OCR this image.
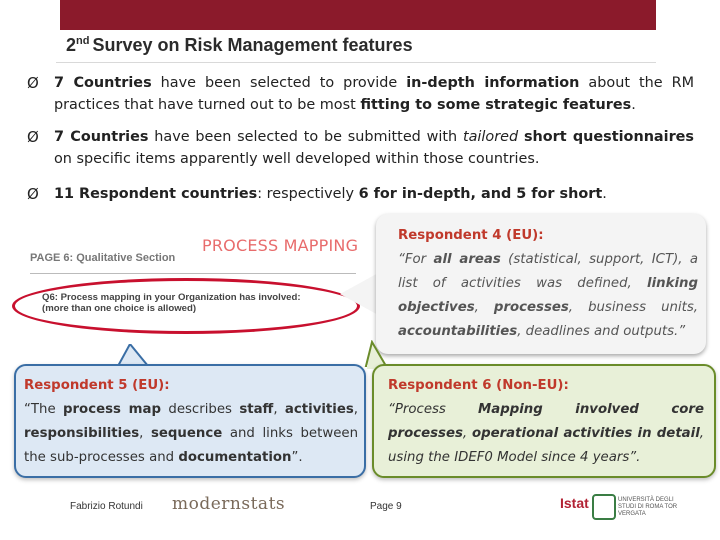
2nd Survey on Risk Management features
Ø 7 Countries have been selected to provide in-depth information about the RM practices that have turned out to be most fitting to some strategic features.
Ø 7 Countries have been selected to be submitted with tailored short questionnaires on specific items apparently well developed within those countries.
Ø 11 Respondent countries: respectively 6 for in-depth, and 5 for short.
PAGE 6: Qualitative Section
PROCESS MAPPING
Q6: Process mapping in your Organization has involved:
(more than one choice is allowed)
Respondent 4 (EU):
“For all areas (statistical, support, ICT), a list of activities was defined, linking objectives, processes, business units, accountabilities, deadlines and outputs.”
Respondent 5 (EU):
“The process map describes staff, activities, responsibilities, sequence and links between the sub-processes and documentation”.
Respondent 6 (Non-EU):
“Process Mapping involved core processes, operational activities in detail, using the IDEF0 Model since 4 years”.
Fabrizio Rotundi modernstats	Page 9	Istat	UNIVERSITÀ DEGLI STUDI DI ROMA TOR VERGATA
